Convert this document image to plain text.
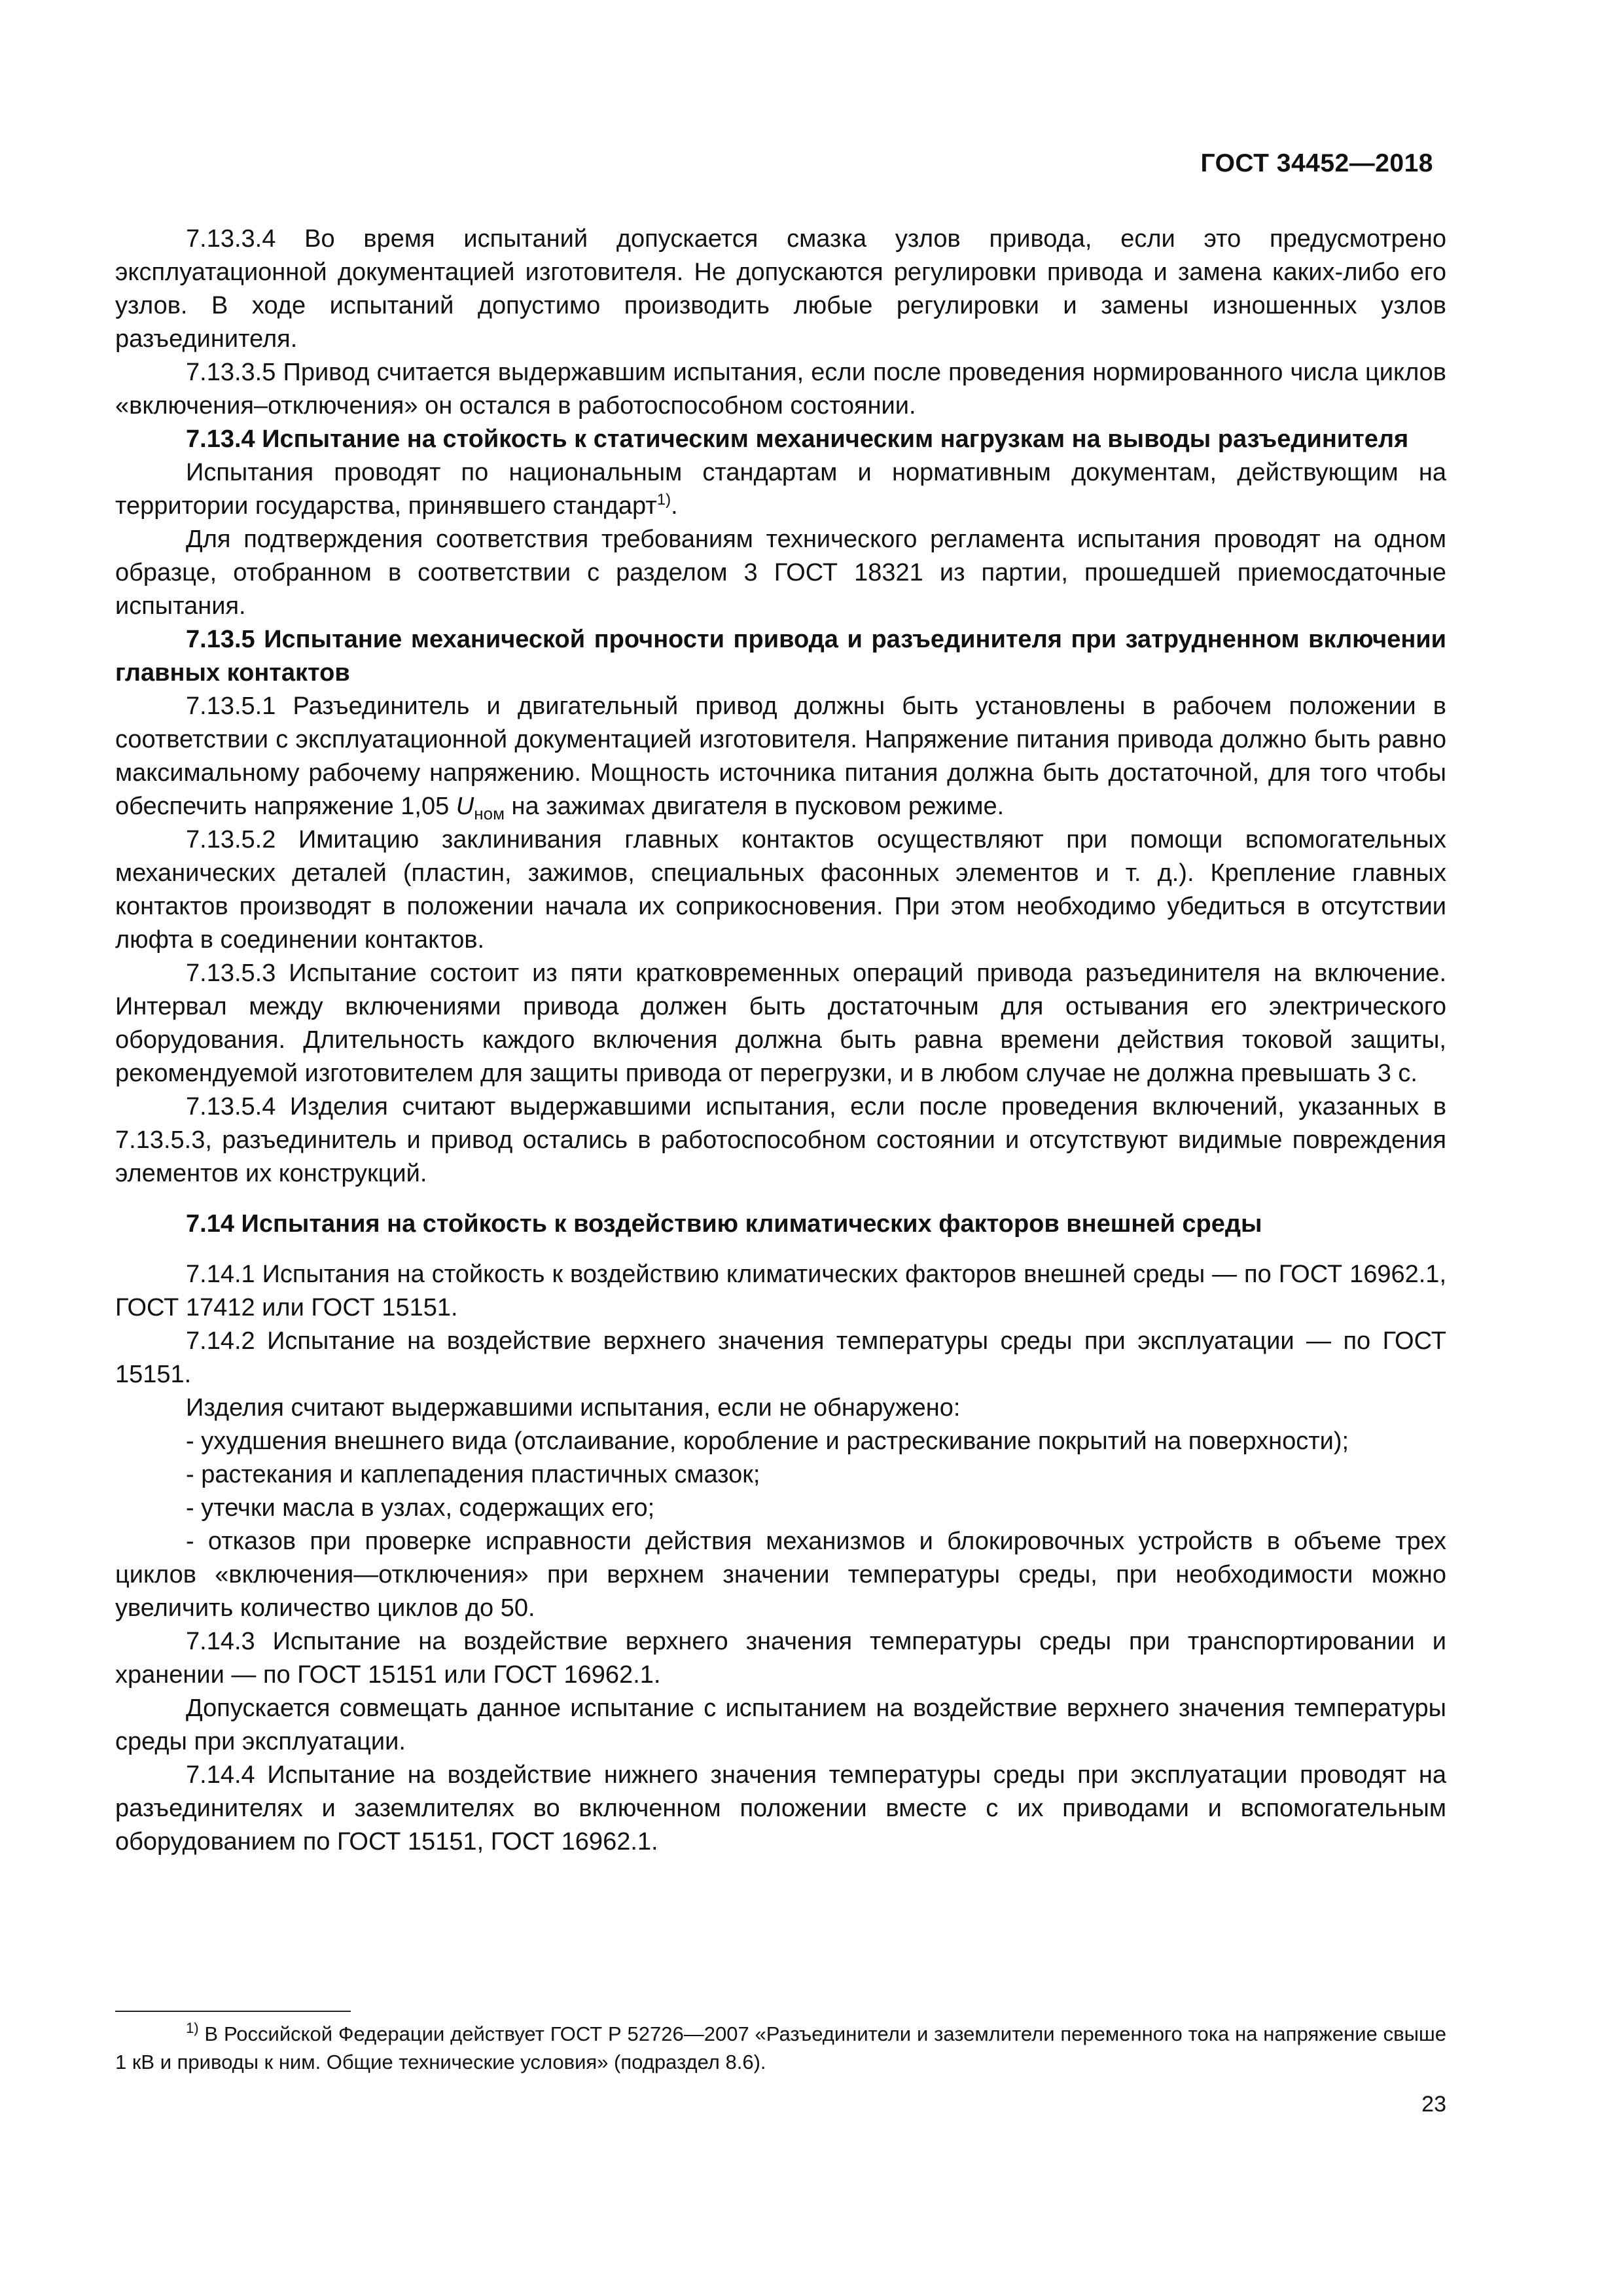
ГОСТ 34452—2018

7.13.3.4 Во время испытаний допускается смазка узлов привода, если это предусмотрено эксплуатационной документацией изготовителя. Не допускаются регулировки привода и замена каких-либо его узлов. В ходе испытаний допустимо производить любые регулировки и замены изношенных узлов разъединителя.

7.13.3.5 Привод считается выдержавшим испытания, если после проведения нормированного числа циклов «включения–отключения» он остался в работоспособном состоянии.

7.13.4 Испытание на стойкость к статическим механическим нагрузкам на выводы разъединителя

Испытания проводят по национальным стандартам и нормативным документам, действующим на территории государства, принявшего стандарт$^{1)}$.

Для подтверждения соответствия требованиям технического регламента испытания проводят на одном образце, отобранном в соответствии с разделом 3 ГОСТ 18321 из партии, прошедшей приемосдаточные испытания.

7.13.5 Испытание механической прочности привода и разъединителя при затрудненном включении главных контактов

7.13.5.1 Разъединитель и двигательный привод должны быть установлены в рабочем положении в соответствии с эксплуатационной документацией изготовителя. Напряжение питания привода должно быть равно максимальному рабочему напряжению. Мощность источника питания должна быть достаточной, для того чтобы обеспечить напряжение 1,05 $U_{ном}$ на зажимах двигателя в пусковом режиме.

7.13.5.2 Имитацию заклинивания главных контактов осуществляют при помощи вспомогательных механических деталей (пластин, зажимов, специальных фасонных элементов и т. д.). Крепление главных контактов производят в положении начала их соприкосновения. При этом необходимо убедиться в отсутствии люфта в соединении контактов.

7.13.5.3 Испытание состоит из пяти кратковременных операций привода разъединителя на включение. Интервал между включениями привода должен быть достаточным для остывания его электрического оборудования. Длительность каждого включения должна быть равна времени действия токовой защиты, рекомендуемой изготовителем для защиты привода от перегрузки, и в любом случае не должна превышать 3 с.

7.13.5.4 Изделия считают выдержавшими испытания, если после проведения включений, указанных в 7.13.5.3, разъединитель и привод остались в работоспособном состоянии и отсутствуют видимые повреждения элементов их конструкций.

7.14 Испытания на стойкость к воздействию климатических факторов внешней среды

7.14.1 Испытания на стойкость к воздействию климатических факторов внешней среды — по ГОСТ 16962.1, ГОСТ 17412 или ГОСТ 15151.

7.14.2 Испытание на воздействие верхнего значения температуры среды при эксплуатации — по ГОСТ 15151.

Изделия считают выдержавшими испытания, если не обнаружено:

- ухудшения внешнего вида (отслаивание, коробление и растрескивание покрытий на поверхности);

- растекания и каплепадения пластичных смазок;

- утечки масла в узлах, содержащих его;

- отказов при проверке исправности действия механизмов и блокировочных устройств в объеме трех циклов «включения—отключения» при верхнем значении температуры среды, при необходимости можно увеличить количество циклов до 50.

7.14.3 Испытание на воздействие верхнего значения температуры среды при транспортировании и хранении — по ГОСТ 15151 или ГОСТ 16962.1.

Допускается совмещать данное испытание с испытанием на воздействие верхнего значения температуры среды при эксплуатации.

7.14.4 Испытание на воздействие нижнего значения температуры среды при эксплуатации проводят на разъединителях и заземлителях во включенном положении вместе с их приводами и вспомогательным оборудованием по ГОСТ 15151, ГОСТ 16962.1.

$^{1)}$ В Российской Федерации действует ГОСТ Р 52726—2007 «Разъединители и заземлители переменного тока на напряжение свыше 1 кВ и приводы к ним. Общие технические условия» (подраздел 8.6).
23
